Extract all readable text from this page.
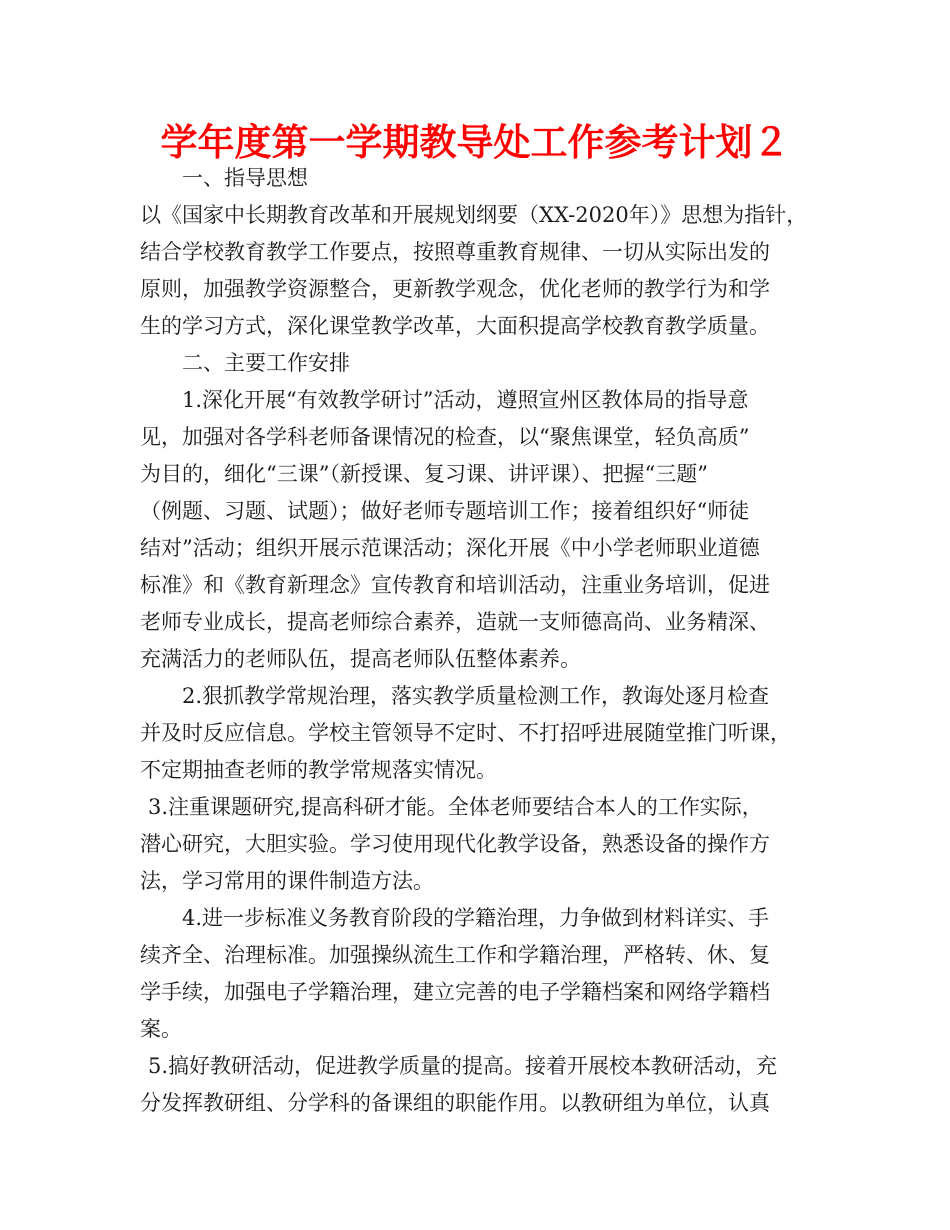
学年度第一学期教导处工作参考计划２
一、指导思想
以《国家中长期教育改革和开展规划纲要（XX-2020年）》思想为指针，
结合学校教育教学工作要点，按照尊重教育规律、一切从实际出发的
原则，加强教学资源整合，更新教学观念，优化老师的教学行为和学
生的学习方式，深化课堂教学改革，大面积提高学校教育教学质量。
二、主要工作安排
1.深化开展“有效教学研讨”活动，遵照宣州区教体局的指导意
见，加强对各学科老师备课情况的检查，以“聚焦课堂，轻负高质”
为目的，细化“三课”（新授课、复习课、讲评课）、把握“三题”
（例题、习题、试题）；做好老师专题培训工作；接着组织好“师徒
结对”活动；组织开展示范课活动；深化开展《中小学老师职业道德
标准》和《教育新理念》宣传教育和培训活动，注重业务培训，促进
老师专业成长，提高老师综合素养，造就一支师德高尚、业务精深、
充满活力的老师队伍，提高老师队伍整体素养。
2.狠抓教学常规治理，落实教学质量检测工作，教诲处逐月检查
并及时反应信息。学校主管领导不定时、不打招呼进展随堂推门听课，
不定期抽查老师的教学常规落实情况。
3.注重课题研究,提高科研才能。全体老师要结合本人的工作实际，
潜心研究，大胆实验。学习使用现代化教学设备，熟悉设备的操作方
法，学习常用的课件制造方法。
4.进一步标准义务教育阶段的学籍治理，力争做到材料详实、手
续齐全、治理标准。加强操纵流生工作和学籍治理，严格转、休、复
学手续，加强电子学籍治理，建立完善的电子学籍档案和网络学籍档
案。
5.搞好教研活动，促进教学质量的提高。接着开展校本教研活动，充
分发挥教研组、分学科的备课组的职能作用。以教研组为单位，认真
